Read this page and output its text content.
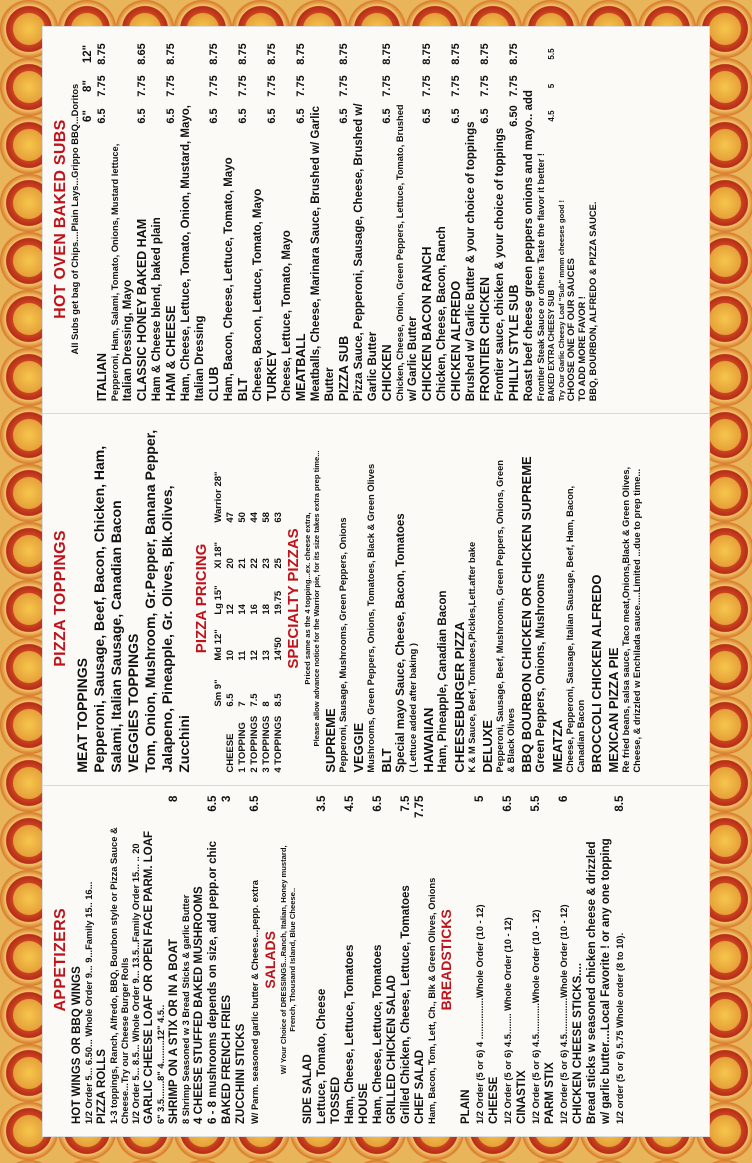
APPETIZERS
HOT WINGS OR BBQ WINGS 1/2 Order 5... 6.50... Whole Order 9... 9...Family 15.. 16... PIZZA ROLLS 1-3 toppings, Ranch, Alfredo, BBQ, Bourbon style or Pizza Sauce & Cheese...Try our Cheese Burger Rolls 1/2 Order 5... 8.5... Whole Order 9... 13.5...Family Order 15... .. 20 GARLIC CHEESE LOAF OR OPEN FACE PARM. LOAF 6" 3.5.......8" 4.........12" 4.5.. SHRIMP ON A STIX OR IN A BOAT
8
8 Shrimp Seasoned w 3 Bread Sticks & garlic Butter 4 CHEESE STUFFED BAKED MUSHROOMS 6 - 8 mushrooms depends on size, add pepp.or chic
6.5
BAKED FRENCH FRIES
3
ZUCCHINI STICKS W/ Parm. seasoned garlic butter & Cheese...pepp. extra
6.5
SALADS W/ Your Choice of DRESSINGS...Ranch, Italian, Honey mustard, French, Thousand Island, Blue Cheese..
SIDE SALAD Lettuce, Tomato, Cheese
3.5
TOSSED Ham, Cheese, Lettuce, Tomatoes
4.5
HOUSE Ham, Cheese, Lettuce, Tomatoes
6.5
GRILLED CHICKEN SALAD Grilled Chicken, Cheese, Lettuce, Tomatoes
7.5
CHEF SALAD
7.75
Ham, Bacon, Tom, Lett, Ch., Blk & Green Olives, Onions BREADSTICKS
PLAIN 1/2 Order (5 or 6) 4 ................Whole Order (10 - 12)
5
CHEESE 1/2 Order (5 or 6) 4.5........ Whole Order (10 - 12)
6.5
CINASTIX 1/2 Order (5 or 6) 4.5............Whole Order (10 - 12)
5.5
PARM STIX 1/2 Order (5 or 6) 4.5..............Whole Order (10 - 12)
6
CHICKEN CHEESE STICKS.... Bread sticks w seasoned chicken cheese & drizzled w/ garlic butter....Local Favorite ! or any one topping 1/2 order (5 or 6) 5.75 Whole order (8 to 10).
8.5
PIZZA TOPPINGS
MEAT TOPPINGS Pepperoni, Sausage, Beef, Bacon, Chicken, Ham, Salami, Italian Sausage, Canadian Bacon VEGGIES TOPPINGS Tom, Onion, Mushroom, Gr.Pepper, Banana Pepper, Jalapeno, Pineapple, Gr. Olives, Blk.Olives, Zucchini
PIZZA PRICING
Sm 9"
Md 12"
Lg 15"
Xl 18"
Warrior 28"
CHEESE
6.5
10
12
20
47
1 TOPPING
7
11
14
21
50
2 TOPPINGS
7.5
12
16
22
44
3 TOPPINGS
8
13
18
23
58
4 TOPPINGS
8.5
14'50
19.75
25
63
SPECIALTY PIZZAS Priced same as the 4 topping...ex. cheese extra, Please allow advance notice for the Warrior pie, for its size takes extra prep time... SUPREME Pepperoni, Sausage, Mushrooms, Green Peppers, Onions VEGGIE Mushrooms, Green Peppers, Onions, Tomatoes, Black & Green Olives BLT Special mayo Sauce, Cheese, Bacon, Tomatoes ( Lettuce added after baking ) HAWAIIAN Ham, Pineapple, Canadian Bacon CHEESEBURGER PIZZA K & M Sauce, Beef, Tomatoes,Pickles,Lett.after bake DELUXE Pepperoni, Sausage, Beef, Mushrooms, Green Peppers, Onions, Green & Black Olives BBQ BOURBON CHICKEN OR CHICKEN SUPREME Green Peppers, Onions, Mushrooms MEATZA Cheese, Pepperoni, Sausage, Italian Sausage, Beef, Ham, Bacon, Canadian Bacon BROCCOLI CHICKEN ALFREDO MEXICAN PIZZA PIE Re fried beans, salsa sauce, Taco meat,Onions,Black & Green Olives, Cheese, & drizzled w Enchilada sauce.....Limited ...due to prep time...
HOT OVEN BAKED SUBS All Subs get bag of Chips....Plain Lays...Grippo BBQ...Doritos 6"
8"
12"
ITALIAN
6.5
7.75
8.75
Pepperoni, Ham, Salami, Tomato, Onions, Mustard lettuce, Italian Dressing, Mayo CLASSIC HONEY BAKED HAM
6.5
7.75
8.65
Ham & Cheese blend, baked plain HAM & CHEESE
6.5
7.75
8.75
Ham, Cheese, Lettuce, Tomato, Onion, Mustard, Mayo, Italian Dressing CLUB
6.5
7.75
8.75
Ham, Bacon, Cheese, Lettuce, Tomato, Mayo BLT
6.5
7.75
8.75
Cheese, Bacon, Lettuce, Tomato, Mayo TURKEY
6.5
7.75
8.75
Cheese, Lettuce, Tomato, Mayo MEATBALL
6.5
7.75
8.75
Meatballs, Cheese, Marinara Sauce, Brushed w/ Garlic Butter PIZZA SUB
6.5
7.75
8.75
Pizza Sauce, Pepperoni, Sausage, Cheese, Brushed w/ Garlic Butter CHICKEN
6.5
7.75
8.75
Chicken, Cheese, Onion, Green Peppers, Lettuce, Tomato, Brushed w/ Garlic Butter CHICKEN BACON RANCH
6.5
7.75
8.75
Chicken, Cheese, Bacon, Ranch CHICKEN ALFREDO
6.5
7.75
8.75
Brushed w/ Garlic Butter & your choice of toppings FRONTIER CHICKEN
6.5
7.75
8.75
Frontier sauce, chicken & your choice of toppings PHILLY STYLE SUB
6.50
7.75
8.75
Roast beef cheese green peppers onions and mayo.. add Frontier Steak Sauce or others Taste the flavor it better ! BAKED EXTRA CHEESY SUB
4.5
5
5.5
Try Our Garlic Cheesy Loaf "Sub" mmm cheeses good ! CHOOSE ONE OF OUR SAUCES TO ADD MORE FAVOR ! BBQ, BOURBON, ALFREDO & PIZZA SAUCE.
